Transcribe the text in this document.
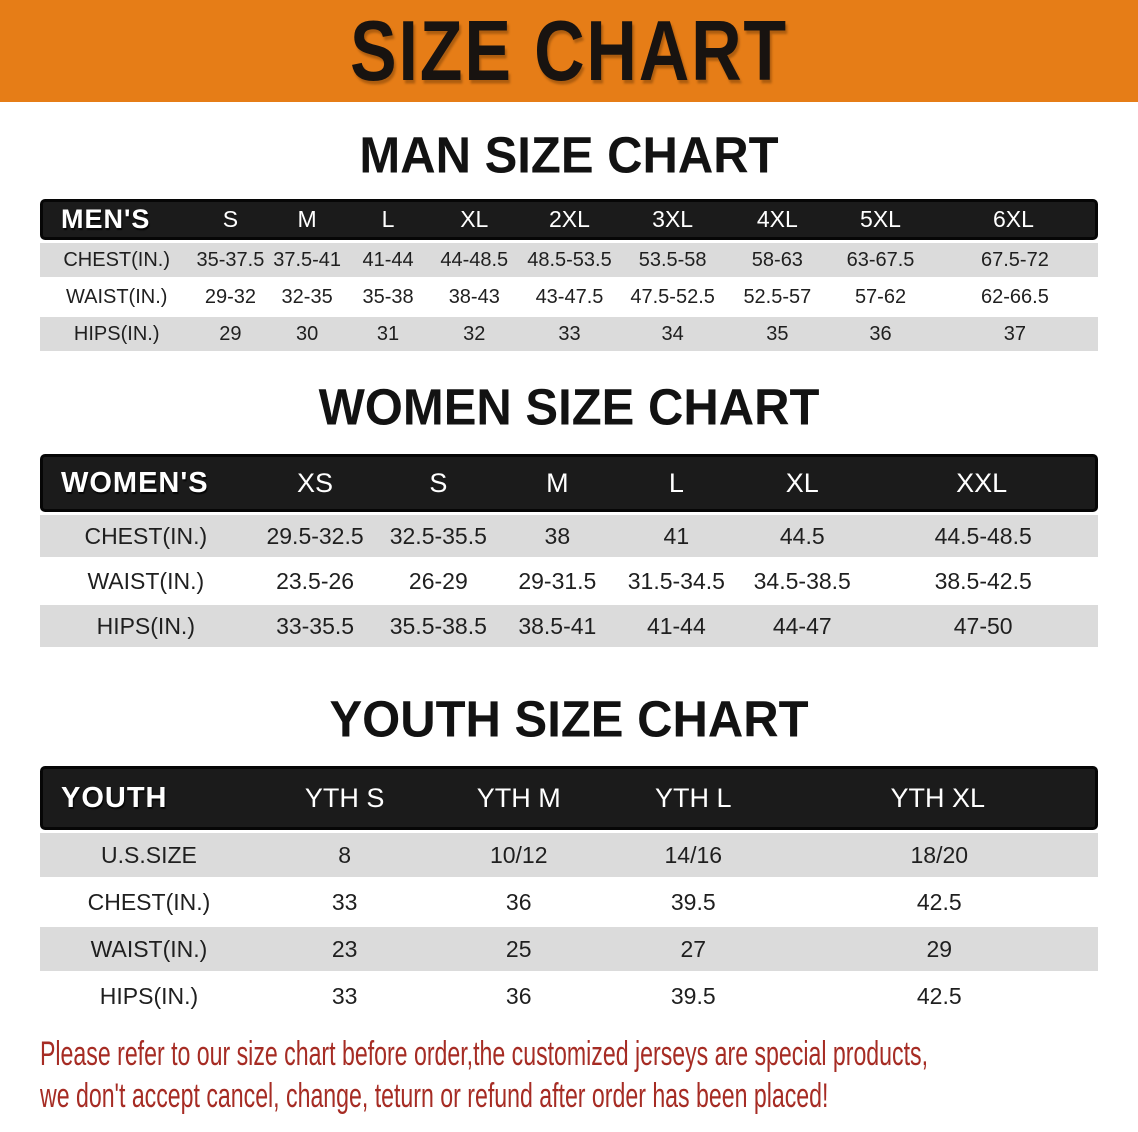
SIZE CHART
MAN SIZE CHART
MEN'S	S	M	L	XL	2XL	3XL	4XL	5XL	6XL
CHEST(IN.)	35-37.5	37.5-41	41-44	44-48.5	48.5-53.5	53.5-58	58-63	63-67.5	67.5-72
WAIST(IN.)	29-32	32-35	35-38	38-43	43-47.5	47.5-52.5	52.5-57	57-62	62-66.5
HIPS(IN.)	29	30	31	32	33	34	35	36	37
WOMEN SIZE CHART
WOMEN'S	XS	S	M	L	XL	XXL
CHEST(IN.)	29.5-32.5	32.5-35.5	38	41	44.5	44.5-48.5
WAIST(IN.)	23.5-26	26-29	29-31.5	31.5-34.5	34.5-38.5	38.5-42.5
HIPS(IN.)	33-35.5	35.5-38.5	38.5-41	41-44	44-47	47-50
YOUTH SIZE CHART
YOUTH	YTH S	YTH M	YTH L	YTH XL
U.S.SIZE	8	10/12	14/16	18/20
CHEST(IN.)	33	36	39.5	42.5
WAIST(IN.)	23	25	27	29
HIPS(IN.)	33	36	39.5	42.5

Please refer to our size chart before order,the customized jerseys are special products,
we don't accept cancel, change, teturn or refund after order has been placed!
